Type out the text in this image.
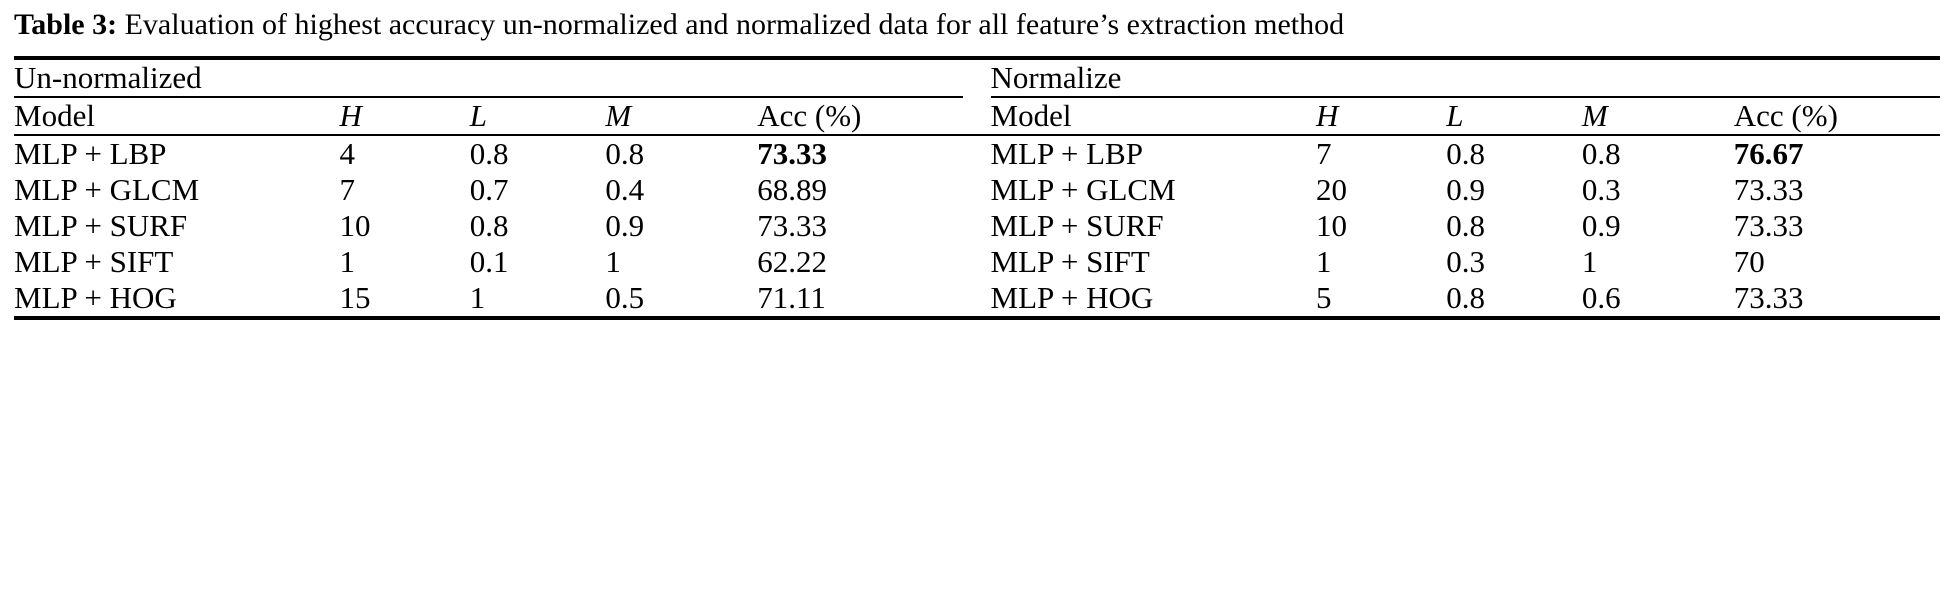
Table 3: Evaluation of highest accuracy un-normalized and normalized data for all feature’s extraction method

Un-normalized						Normalize				
Model	H	L	M	Acc (%)		Model	H	L	M	Acc (%)

MLP + LBP	4	0.8	0.8	73.33		MLP + LBP	7	0.8	0.8	76.67
MLP + GLCM	7	0.7	0.4	68.89		MLP + GLCM	20	0.9	0.3	73.33
MLP + SURF	10	0.8	0.9	73.33		MLP + SURF	10	0.8	0.9	73.33
MLP + SIFT	1	0.1	1	62.22		MLP + SIFT	1	0.3	1	70
MLP + HOG	15	1	0.5	71.11		MLP + HOG	5	0.8	0.6	73.33
